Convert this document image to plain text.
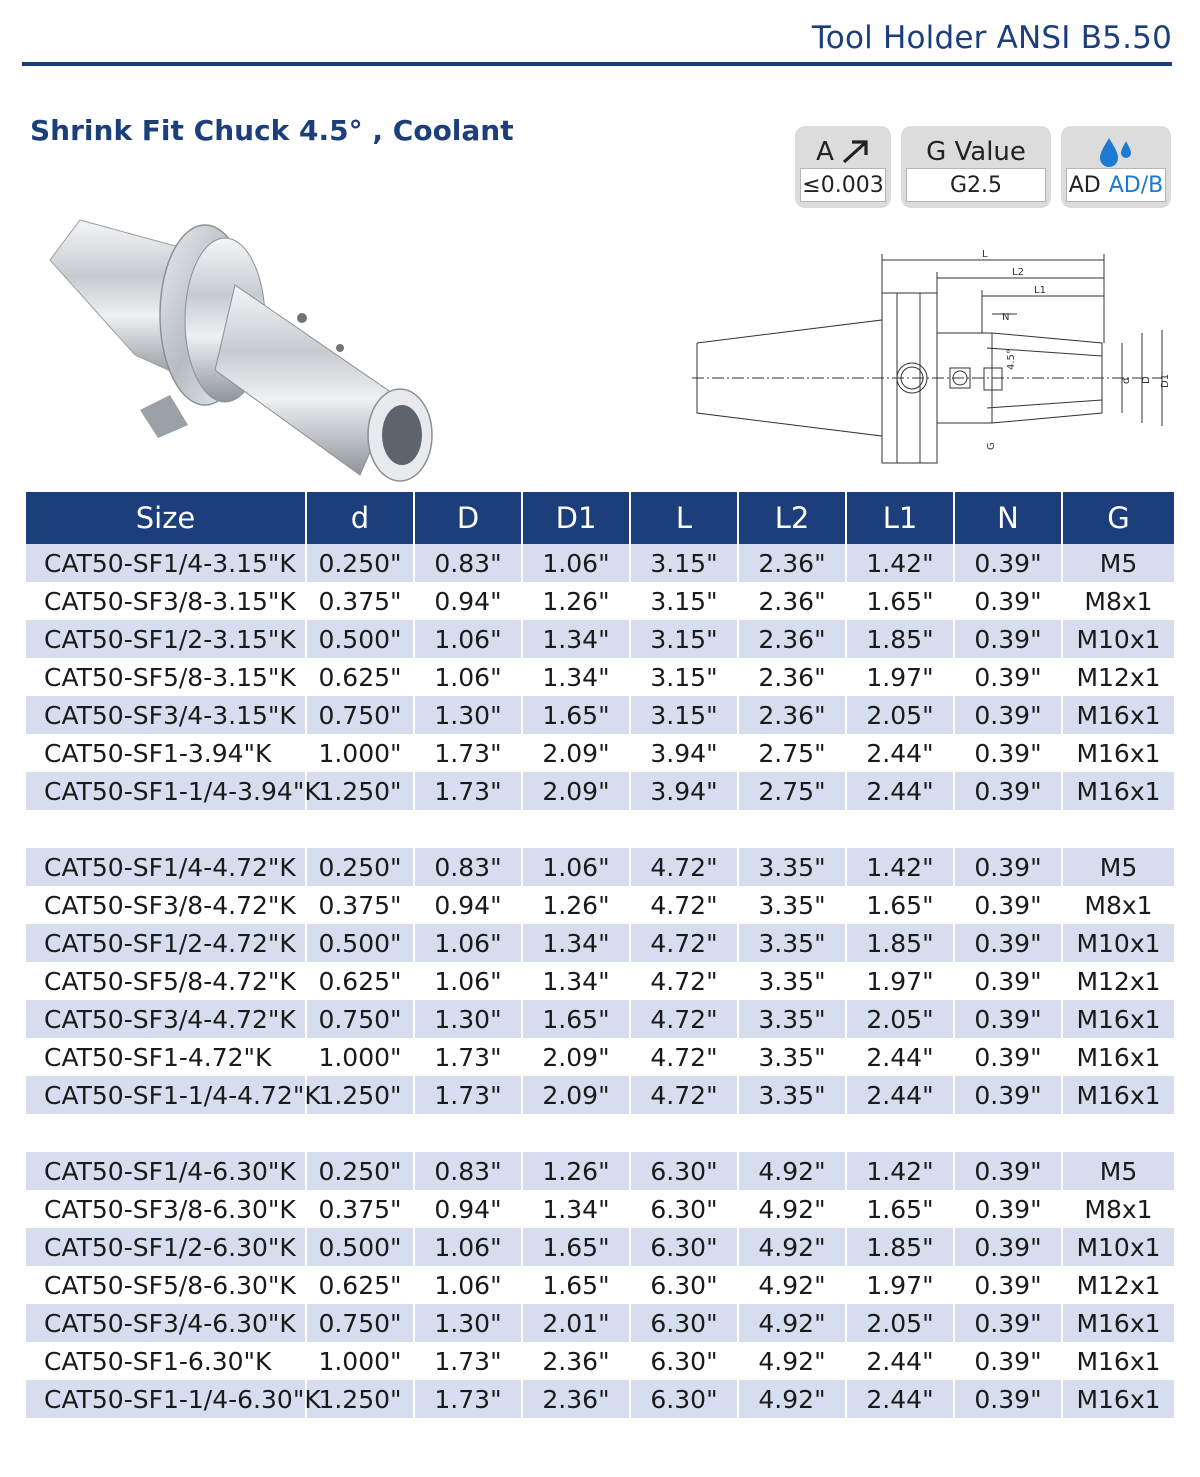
Tool Holder ANSI B5.50
Shrink Fit Chuck 4.5° , Coolant
A
≤0.003
G Value
G2.5	AD AD/B
L
L2
L1
N
4.5°
d D D1
G
Size	d	D	D1	L	L2	L1	N	G
CAT50-SF1/4-3.15"K	0.250"	0.83"	1.06"	3.15"	2.36"	1.42"	0.39"	M5
CAT50-SF3/8-3.15"K	0.375"	0.94"	1.26"	3.15"	2.36"	1.65"	0.39"	M8x1
CAT50-SF1/2-3.15"K	0.500"	1.06"	1.34"	3.15"	2.36"	1.85"	0.39"	M10x1
CAT50-SF5/8-3.15"K	0.625"	1.06"	1.34"	3.15"	2.36"	1.97"	0.39"	M12x1
CAT50-SF3/4-3.15"K	0.750"	1.30"	1.65"	3.15"	2.36"	2.05"	0.39"	M16x1
CAT50-SF1-3.94"K	1.000"	1.73"	2.09"	3.94"	2.75"	2.44"	0.39"	M16x1
CAT50-SF1-1/4-3.94"K	1.250"	1.73"	2.09"	3.94"	2.75"	2.44"	0.39"	M16x1

CAT50-SF1/4-4.72"K	0.250"	0.83"	1.06"	4.72"	3.35"	1.42"	0.39"	M5
CAT50-SF3/8-4.72"K	0.375"	0.94"	1.26"	4.72"	3.35"	1.65"	0.39"	M8x1
CAT50-SF1/2-4.72"K	0.500"	1.06"	1.34"	4.72"	3.35"	1.85"	0.39"	M10x1
CAT50-SF5/8-4.72"K	0.625"	1.06"	1.34"	4.72"	3.35"	1.97"	0.39"	M12x1
CAT50-SF3/4-4.72"K	0.750"	1.30"	1.65"	4.72"	3.35"	2.05"	0.39"	M16x1
CAT50-SF1-4.72"K	1.000"	1.73"	2.09"	4.72"	3.35"	2.44"	0.39"	M16x1
CAT50-SF1-1/4-4.72"K	1.250"	1.73"	2.09"	4.72"	3.35"	2.44"	0.39"	M16x1

CAT50-SF1/4-6.30"K	0.250"	0.83"	1.26"	6.30"	4.92"	1.42"	0.39"	M5
CAT50-SF3/8-6.30"K	0.375"	0.94"	1.34"	6.30"	4.92"	1.65"	0.39"	M8x1
CAT50-SF1/2-6.30"K	0.500"	1.06"	1.65"	6.30"	4.92"	1.85"	0.39"	M10x1
CAT50-SF5/8-6.30"K	0.625"	1.06"	1.65"	6.30"	4.92"	1.97"	0.39"	M12x1
CAT50-SF3/4-6.30"K	0.750"	1.30"	2.01"	6.30"	4.92"	2.05"	0.39"	M16x1
CAT50-SF1-6.30"K	1.000"	1.73"	2.36"	6.30"	4.92"	2.44"	0.39"	M16x1
CAT50-SF1-1/4-6.30"K	1.250"	1.73"	2.36"	6.30"	4.92"	2.44"	0.39"	M16x1
